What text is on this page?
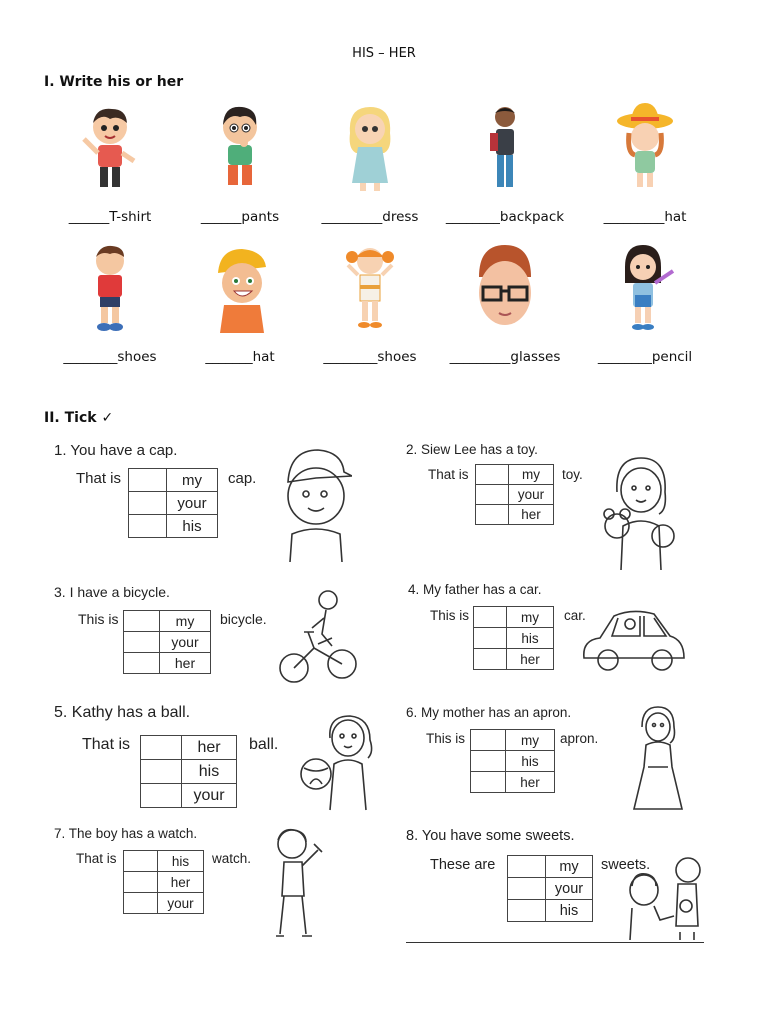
HIS – HER
I. Write his or her
______T-shirt	______pants	_________dress	________backpack	_________hat
________shoes	_______hat	________shoes	_________glasses	________pencil
II. Tick ✓
1. You have a cap.
That is
		my
	your
	his
cap.
2. Siew Lee has a toy.
That is
		my
	your
	her
toy.
3. I have a bicycle.
This is
		my
	your
	her
bicycle.
4. My father has a car.
This is
		my
	his
	her
car.
5. Kathy has a ball.
That is
		her
	his
	your
ball.
6. My mother has an apron.
This is
		my
	his
	her
apron.
7. The boy has a watch.
That is
		his
	her
	your
watch.
8. You have some sweets.
These are
		my
	your
	his
sweets.
